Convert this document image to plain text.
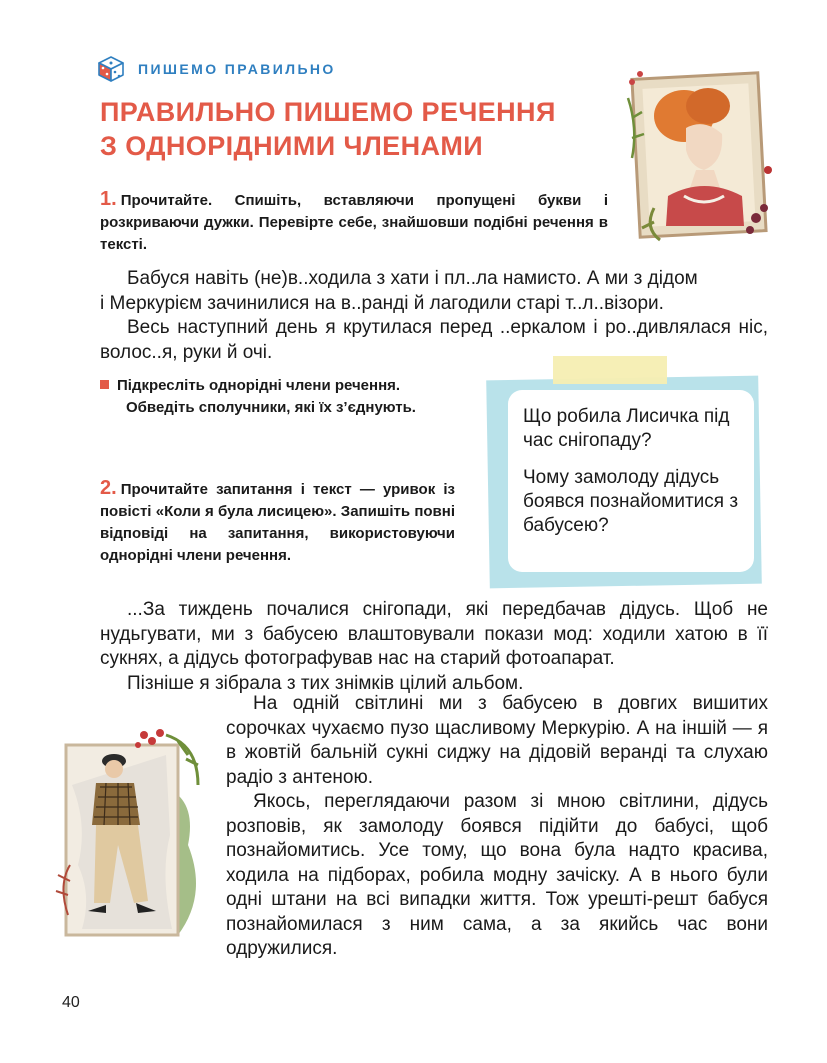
ПИШЕМО ПРАВИЛЬНО
ПРАВИЛЬНО ПИШЕМО РЕЧЕННЯ
З ОДНОРІДНИМИ ЧЛЕНАМИ
1. Прочитайте. Спишіть, вставляючи пропущені букви і розкриваючи дужки. Перевірте себе, знайшовши подібні речення в тексті.

Бабуся навіть (не)в..ходила з хати і пл..ла намисто. А ми з дідом

і Меркурієм зачинилися на в..ранді й лагодили старі т..л..візори.

Весь наступний день я крутилася перед ..еркалом і ро..дивлялася ніс, волос..я, руки й очі.

Підкресліть однорідні члени речення.
Обведіть сполучники, які їх з’єднують.
2. Прочитайте запитання і текст — уривок із повісті «Коли я була лисицею». Запишіть повні відповіді на запитання, використовуючи однорідні члени речення.
Що робила Лисичка під час снігопаду?
Чому замолоду дідусь боявся познайомитися з бабусею?

...За тиждень почалися снігопади, які передбачав дідусь. Щоб не нудьгувати, ми з бабусею влаштовували покази мод: ходили хатою в її сукнях, а дідусь фотографував нас на старий фотоапарат.

Пізніше я зібрала з тих знімків цілий альбом.

На одній світлині ми з бабусею в довгих вишитих сорочках чухаємо пузо щасливому Меркурію. А на іншій — я в жовтій бальній сукні сиджу на дідовій веранді та слухаю радіо з антеною.

Якось, переглядаючи разом зі мною світлини, дідусь розповів, як замолоду боявся підійти до бабусі, щоб познайомитись. Усе тому, що вона була надто красива, ходила на підборах, робила модну зачіску. А в нього були одні штани на всі випадки життя. Тож урешті-решт бабуся познайомилася з ним сама, а за якийсь час вони одружилися.

40
